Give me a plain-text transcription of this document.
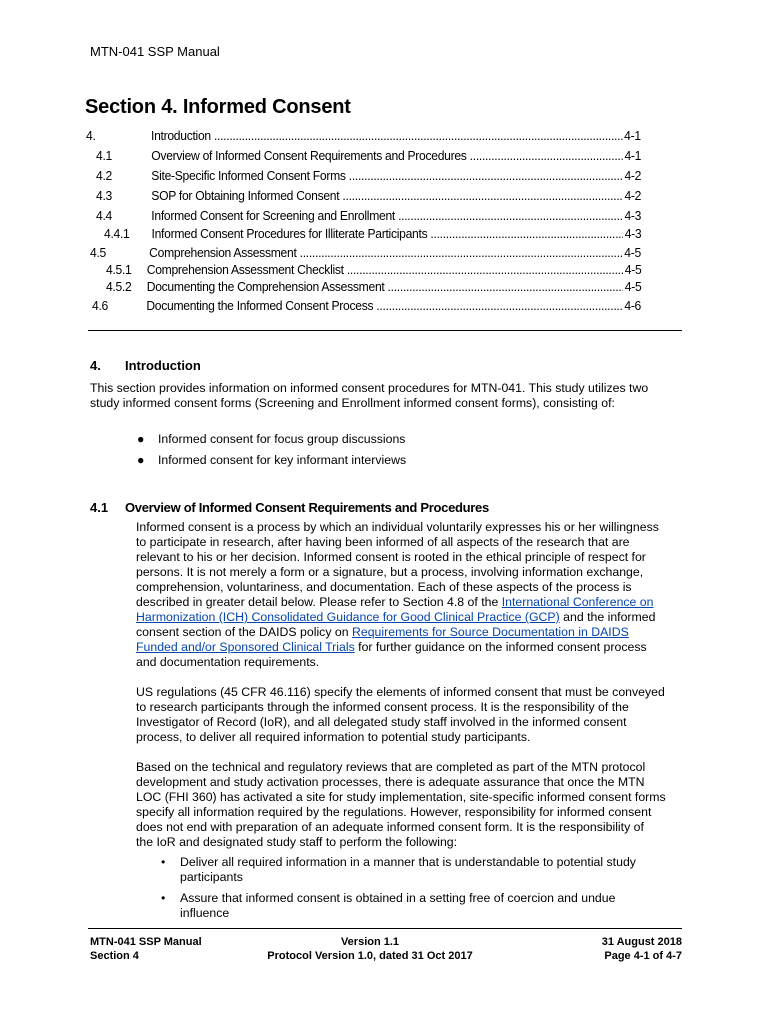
MTN-041 SSP Manual
Section 4. Informed Consent
4.	Introduction .....	4-1
4.1	Overview of Informed Consent Requirements and Procedures .....	4-1
4.2	Site-Specific Informed Consent Forms .....	4-2
4.3	SOP for Obtaining Informed Consent .....	4-2
4.4	Informed Consent for Screening and Enrollment .....	4-3
4.4.1	Informed Consent Procedures for Illiterate Participants .....	4-3
4.5	Comprehension Assessment .....	4-5
4.5.1	Comprehension Assessment Checklist .....	4-5
4.5.2	Documenting the Comprehension Assessment .....	4-5
4.6	Documenting the Informed Consent Process .....	4-6
4. Introduction
This section provides information on informed consent procedures for MTN-041. This study utilizes two
study informed consent forms (Screening and Enrollment informed consent forms), consisting of:
● Informed consent for focus group discussions
● Informed consent for key informant interviews
4.1 Overview of Informed Consent Requirements and Procedures
Informed consent is a process by which an individual voluntarily expresses his or her willingness
to participate in research, after having been informed of all aspects of the research that are
relevant to his or her decision. Informed consent is rooted in the ethical principle of respect for
persons. It is not merely a form or a signature, but a process, involving information exchange,
comprehension, voluntariness, and documentation. Each of these aspects of the process is
described in greater detail below. Please refer to Section 4.8 of the International Conference on
Harmonization (ICH) Consolidated Guidance for Good Clinical Practice (GCP) and the informed
consent section of the DAIDS policy on Requirements for Source Documentation in DAIDS
Funded and/or Sponsored Clinical Trials for further guidance on the informed consent process
and documentation requirements.
US regulations (45 CFR 46.116) specify the elements of informed consent that must be conveyed
to research participants through the informed consent process. It is the responsibility of the
Investigator of Record (IoR), and all delegated study staff involved in the informed consent
process, to deliver all required information to potential study participants.
Based on the technical and regulatory reviews that are completed as part of the MTN protocol
development and study activation processes, there is adequate assurance that once the MTN
LOC (FHI 360) has activated a site for study implementation, site-specific informed consent forms
specify all information required by the regulations. However, responsibility for informed consent
does not end with preparation of an adequate informed consent form. It is the responsibility of
the IoR and designated study staff to perform the following:
• Deliver all required information in a manner that is understandable to potential study
participants
• Assure that informed consent is obtained in a setting free of coercion and undue
influence
MTN-041 SSP Manual
Section 4
Version 1.1
Protocol Version 1.0, dated 31 Oct 2017
31 August 2018
Page 4-1 of 4-7
